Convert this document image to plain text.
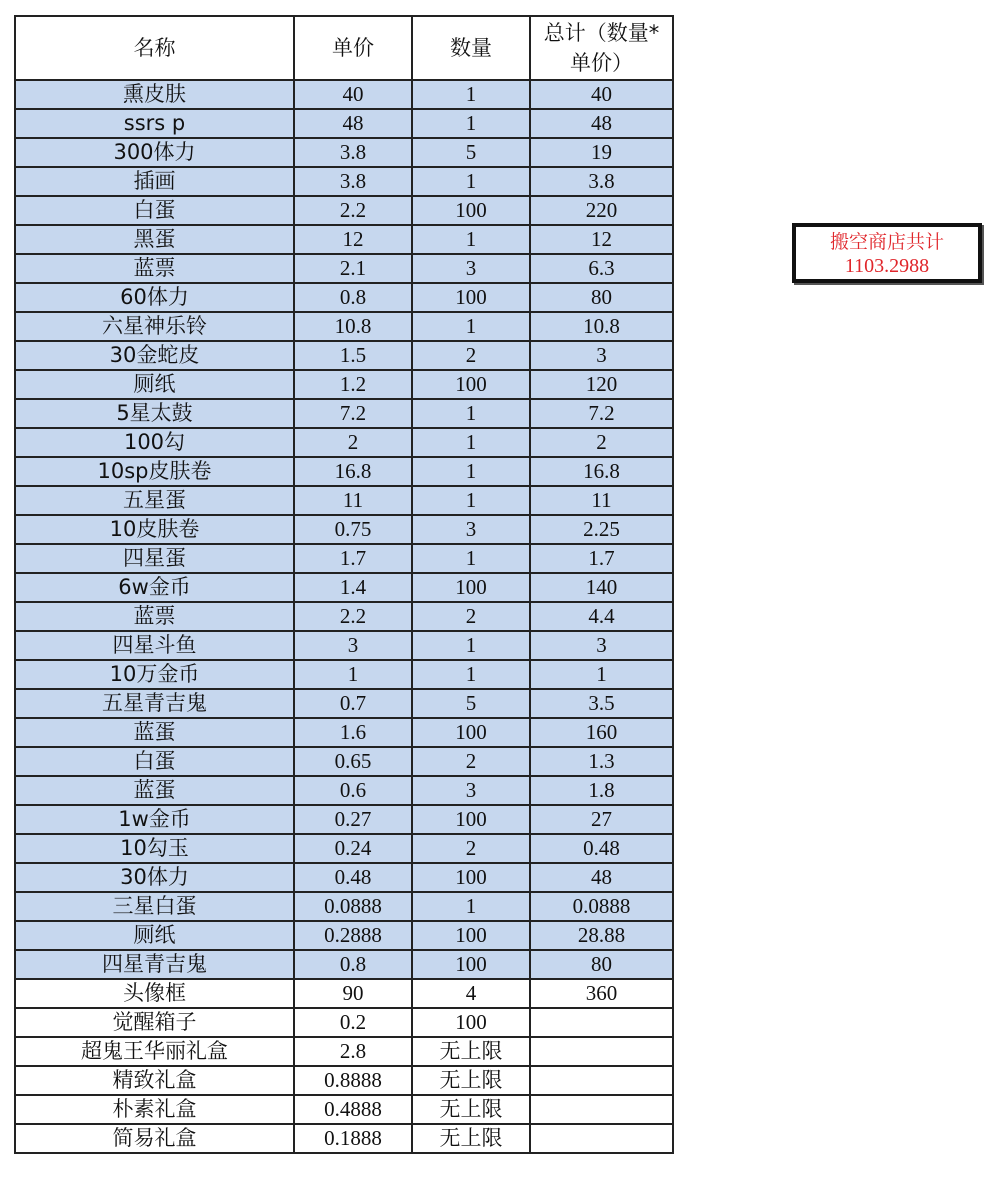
名称	单价	数量	总计（数量*
单价）

熏皮肤	40	1	40
ssrs p	48	1	48
300体力	3.8	5	19
插画	3.8	1	3.8
白蛋	2.2	100	220
黑蛋	12	1	12
蓝票	2.1	3	6.3
60体力	0.8	100	80
六星神乐铃	10.8	1	10.8
30金蛇皮	1.5	2	3
厕纸	1.2	100	120
5星太鼓	7.2	1	7.2
100勾	2	1	2
10sp皮肤卷	16.8	1	16.8
五星蛋	11	1	11
10皮肤卷	0.75	3	2.25
四星蛋	1.7	1	1.7
6w金币	1.4	100	140
蓝票	2.2	2	4.4
四星斗鱼	3	1	3
10万金币	1	1	1
五星青吉鬼	0.7	5	3.5
蓝蛋	1.6	100	160
白蛋	0.65	2	1.3
蓝蛋	0.6	3	1.8
1w金币	0.27	100	27
10勾玉	0.24	2	0.48
30体力	0.48	100	48
三星白蛋	0.0888	1	0.0888
厕纸	0.2888	100	28.88
四星青吉鬼	0.8	100	80
头像框	90	4	360
觉醒箱子	0.2	100	
超鬼王华丽礼盒	2.8	无上限	
精致礼盒	0.8888	无上限	
朴素礼盒	0.4888	无上限	
简易礼盒	0.1888	无上限	
搬空商店共计
1103.2988
